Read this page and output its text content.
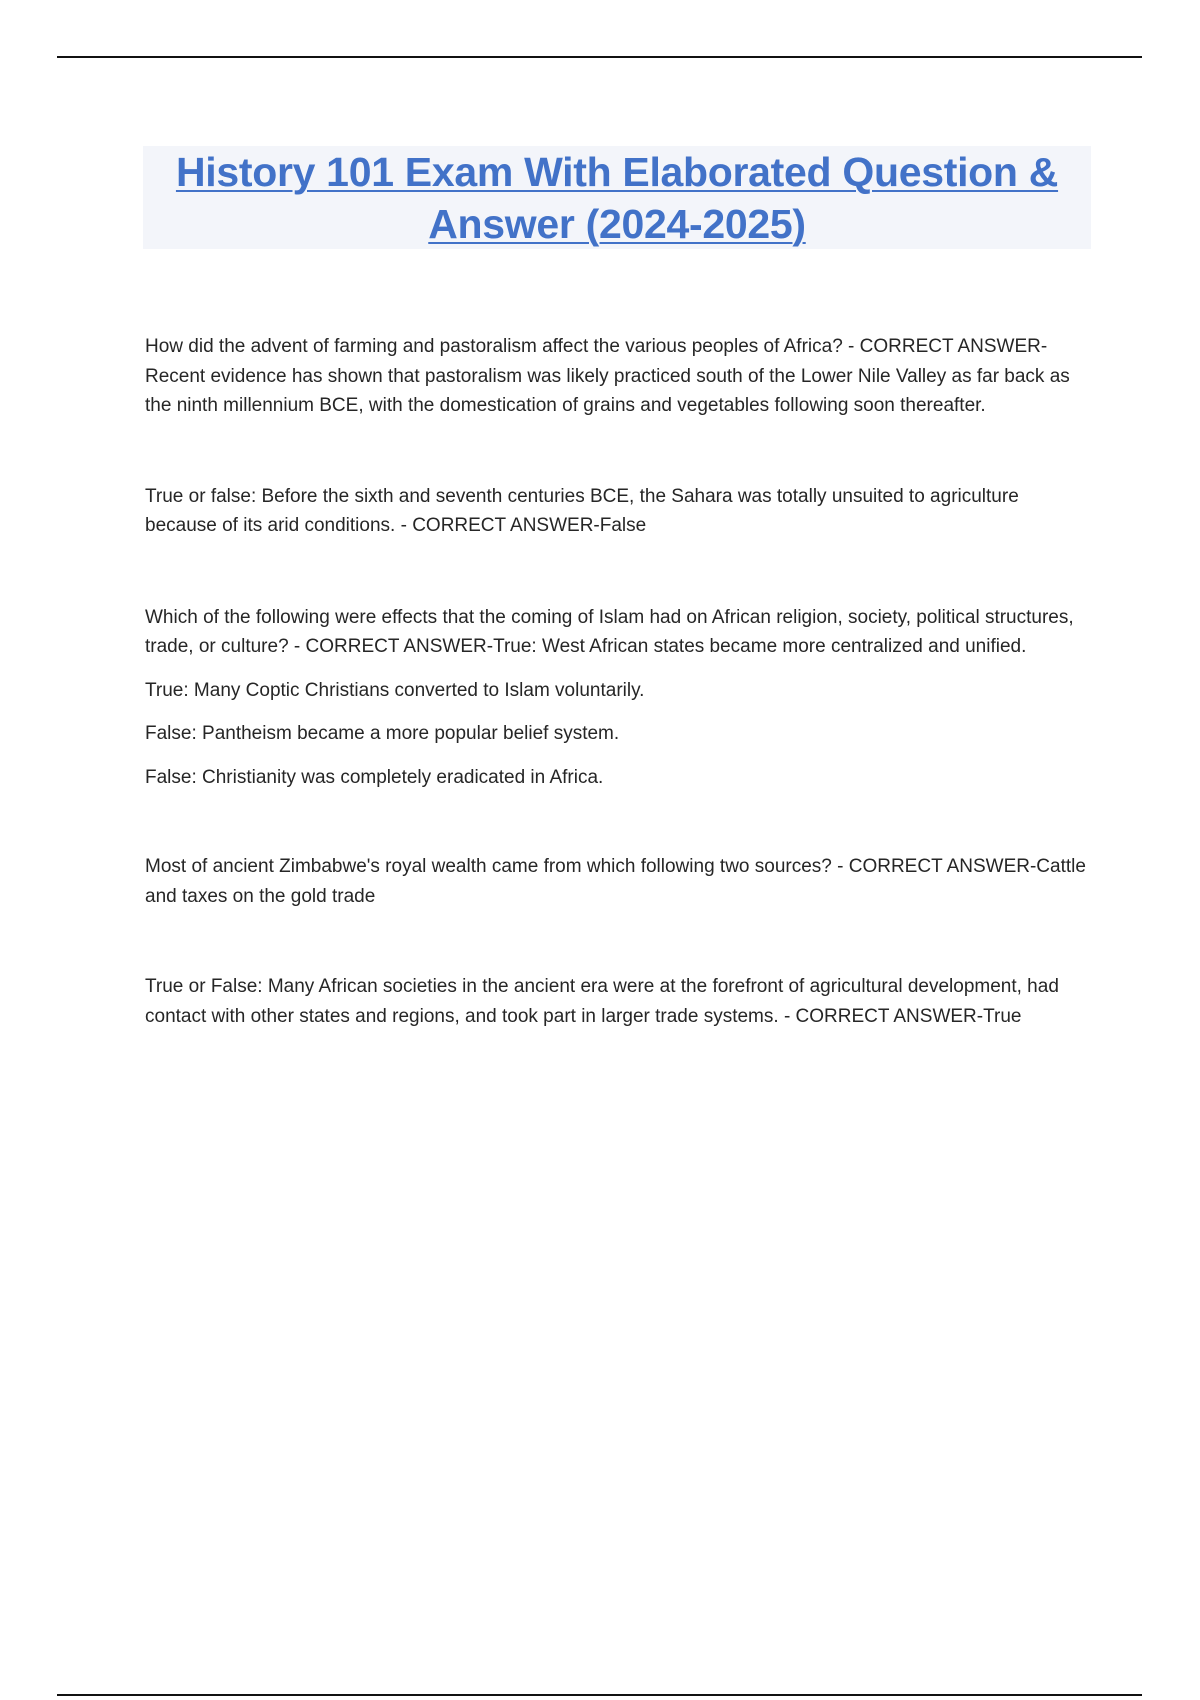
History 101 Exam With Elaborated Question & Answer (2024-2025)

How did the advent of farming and pastoralism affect the various peoples of Africa? - CORRECT ANSWER-Recent evidence has shown that pastoralism was likely practiced south of the Lower Nile Valley as far back as the ninth millennium BCE, with the domestication of grains and vegetables following soon thereafter.

True or false: Before the sixth and seventh centuries BCE, the Sahara was totally unsuited to agriculture because of its arid conditions. - CORRECT ANSWER-False

Which of the following were effects that the coming of Islam had on African religion, society, political structures, trade, or culture? - CORRECT ANSWER-True: West African states became more centralized and unified.

True: Many Coptic Christians converted to Islam voluntarily.

False: Pantheism became a more popular belief system.

False: Christianity was completely eradicated in Africa.

Most of ancient Zimbabwe's royal wealth came from which following two sources? - CORRECT ANSWER-Cattle and taxes on the gold trade

True or False: Many African societies in the ancient era were at the forefront of agricultural development, had contact with other states and regions, and took part in larger trade systems. - CORRECT ANSWER-True
